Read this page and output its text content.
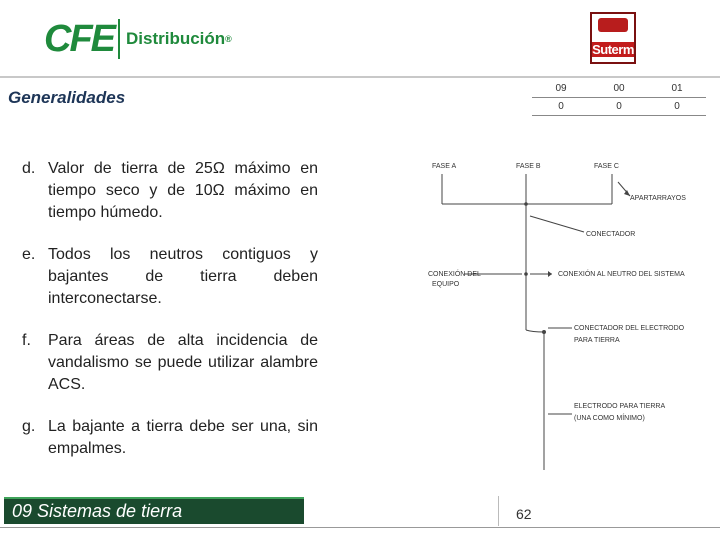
CFE Distribución ®
Suterm
Generalidades	09	00	01
0	0	0
d. Valor de tierra de 25Ω máximo en tiempo seco y de 10Ω máximo en tiempo húmedo.
e. Todos los neutros contiguos y bajantes de tierra deben interconectarse.
f.	Para áreas de alta incidencia de vandalismo se puede utilizar alambre ACS.
g. La bajante a tierra debe ser una, sin empalmes.
FASE A	FASE B	FASE C
APARTARRAYOS
CONECTADOR
CONEXIÓN DEL
EQUIPO
CONEXIÓN AL NEUTRO DEL SISTEMA
CONECTADOR DEL ELECTRODO
PARA TIERRA
ELECTRODO PARA TIERRA
(UNA COMO MÍNIMO)
09 Sistemas de tierra	62
